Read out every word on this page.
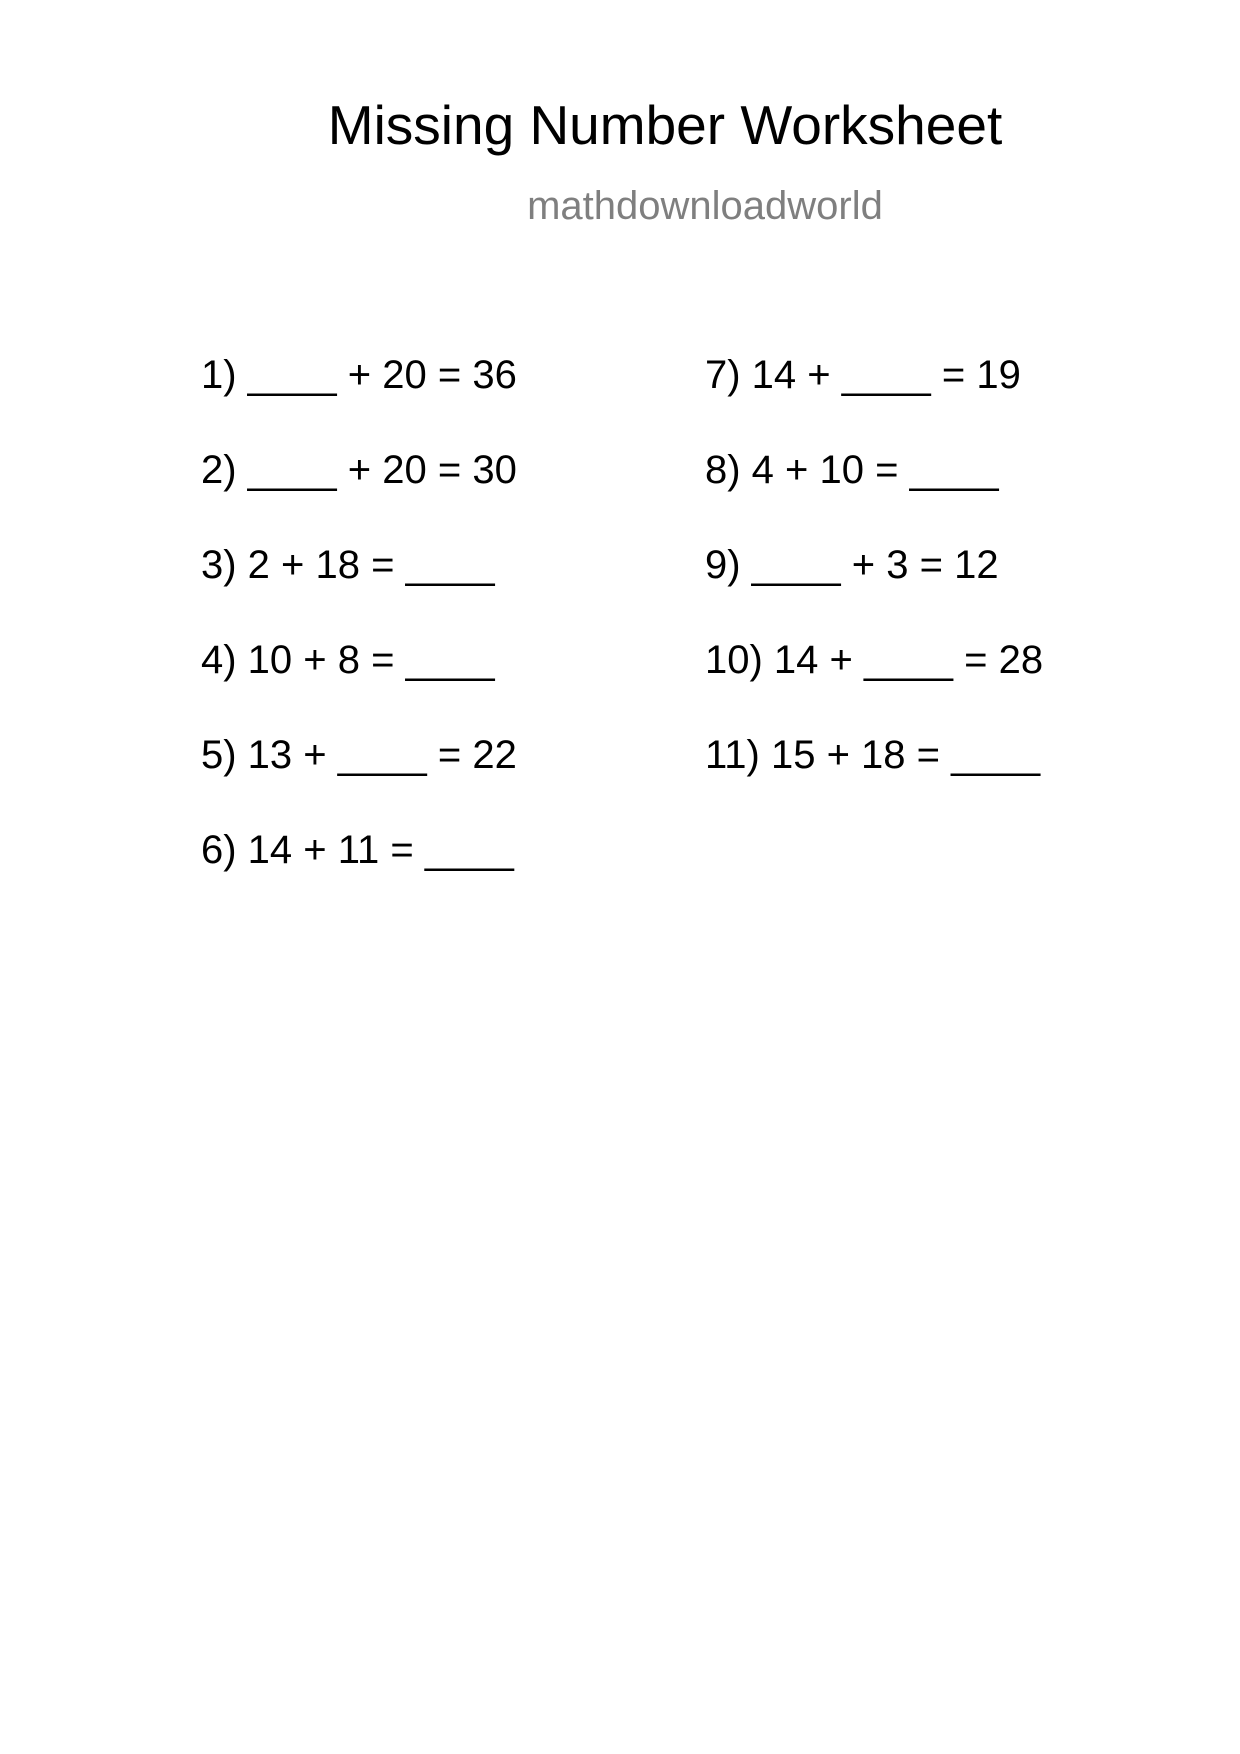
Missing Number Worksheet
mathdownloadworld
1) ____ + 20 = 36
2) ____ + 20 = 30
3) 2 + 18 = ____
4) 10 + 8 = ____
5) 13 + ____ = 22
6) 14 + 11 = ____
7) 14 + ____ = 19
8) 4 + 10 = ____
9) ____ + 3 = 12
10) 14 + ____ = 28
11) 15 + 18 = ____
